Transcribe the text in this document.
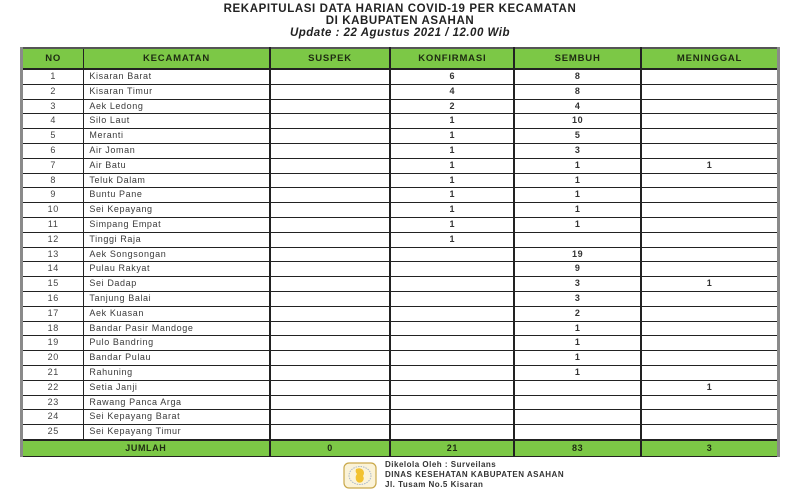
REKAPITULASI DATA HARIAN COVID-19 PER KECAMATAN
DI KABUPATEN ASAHAN
Update : 22 Agustus 2021 / 12.00 Wib
NO	KECAMATAN	SUSPEK	KONFIRMASI	SEMBUH	MENINGGAL
1	Kisaran Barat		6	8	
2	Kisaran Timur		4	8	
3	Aek Ledong		2	4	
4	Silo Laut		1	10	
5	Meranti		1	5	
6	Air Joman		1	3	
7	Air Batu		1	1	1
8	Teluk Dalam		1	1	
9	Buntu Pane		1	1	
10	Sei Kepayang		1	1	
11	Simpang Empat		1	1	
12	Tinggi Raja		1		
13	Aek Songsongan			19	
14	Pulau Rakyat			9	
15	Sei Dadap			3	1
16	Tanjung Balai			3	
17	Aek Kuasan			2	
18	Bandar Pasir Mandoge			1	
19	Pulo Bandring			1	
20	Bandar Pulau			1	
21	Rahuning			1	
22	Setia Janji				1
23	Rawang Panca Arga				
24	Sei Kepayang Barat				
25	Sei Kepayang Timur				
JUMLAH		0	21	83	3
Dikelola Oleh : Surveilans
DINAS KESEHATAN KABUPATEN ASAHAN
Jl. Tusam No.5 Kisaran
